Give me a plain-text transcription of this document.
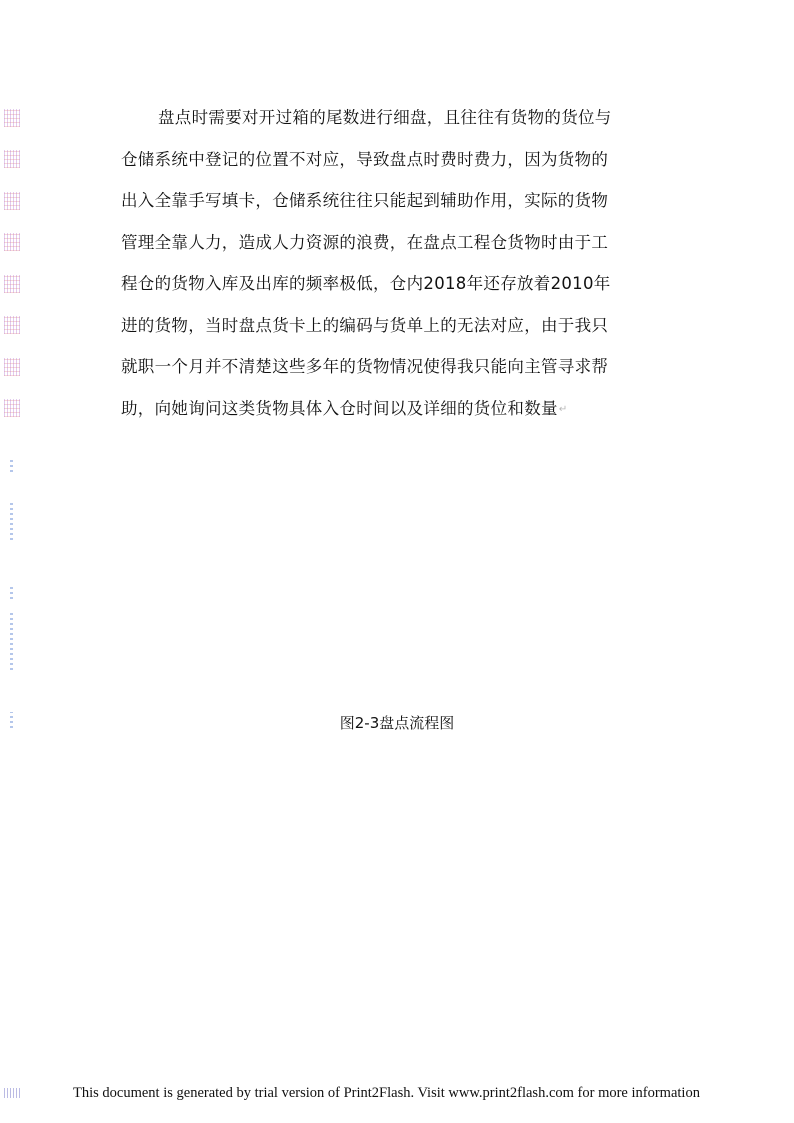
盘点时需要对开过箱的尾数进行细盘，且往往有货物的货位与
仓储系统中登记的位置不对应，导致盘点时费时费力，因为货物的
出入全靠手写填卡，仓储系统往往只能起到辅助作用，实际的货物
管理全靠人力，造成人力资源的浪费，在盘点工程仓货物时由于工
程仓的货物入库及出库的频率极低，仓内2018年还存放着2010年
进的货物，当时盘点货卡上的编码与货单上的无法对应，由于我只
就职一个月并不清楚这些多年的货物情况使得我只能向主管寻求帮
助，向她询问这类货物具体入仓时间以及详细的货位和数量↵
图2-3盘点流程图
This document is generated by trial version of Print2Flash. Visit www.print2flash.com for more information
